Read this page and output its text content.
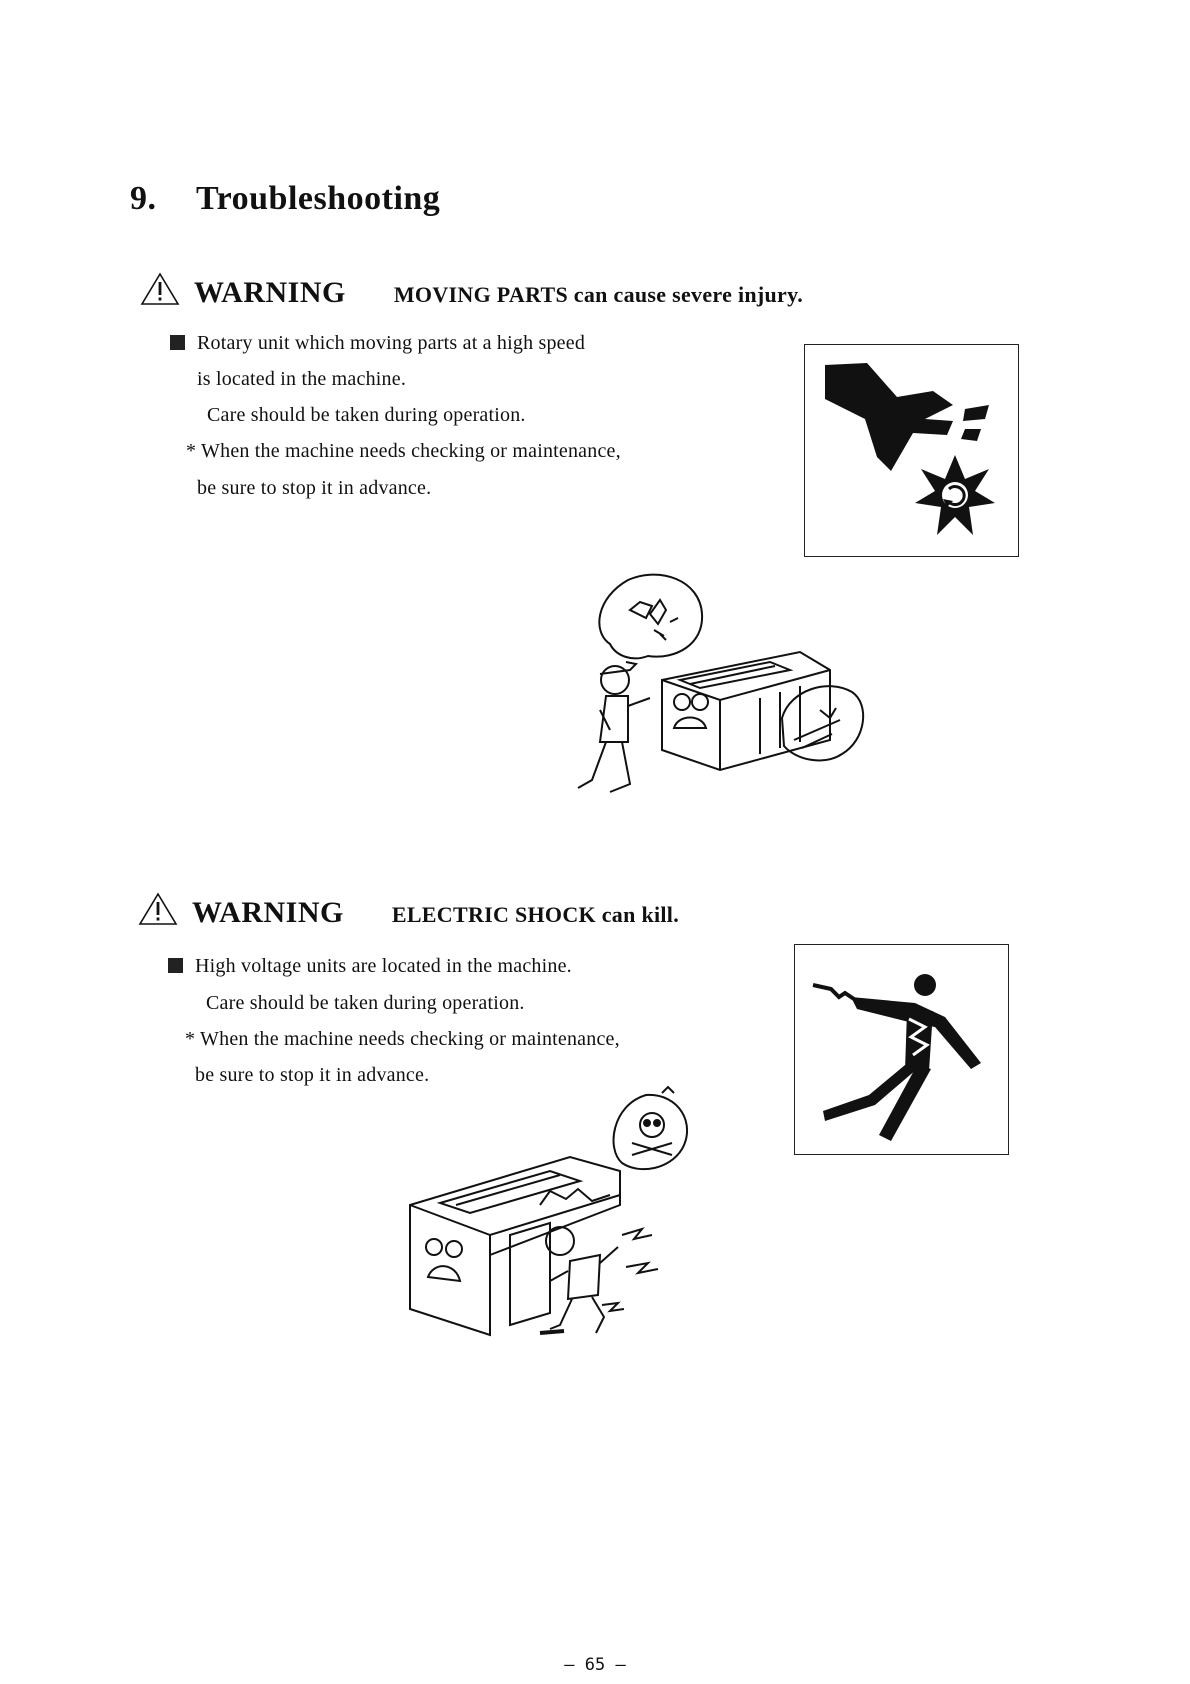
9. Troubleshooting
WARNING MOVING PARTS can cause severe injury.
Rotary unit which moving parts at a high speed
is located in the machine.
Care should be taken during operation.
* When the machine needs checking or maintenance,
be sure to stop it in advance.
WARNING ELECTRIC SHOCK can kill.
High voltage units are located in the machine.
Care should be taken during operation.
* When the machine needs checking or maintenance,
be sure to stop it in advance.
– 65 –
